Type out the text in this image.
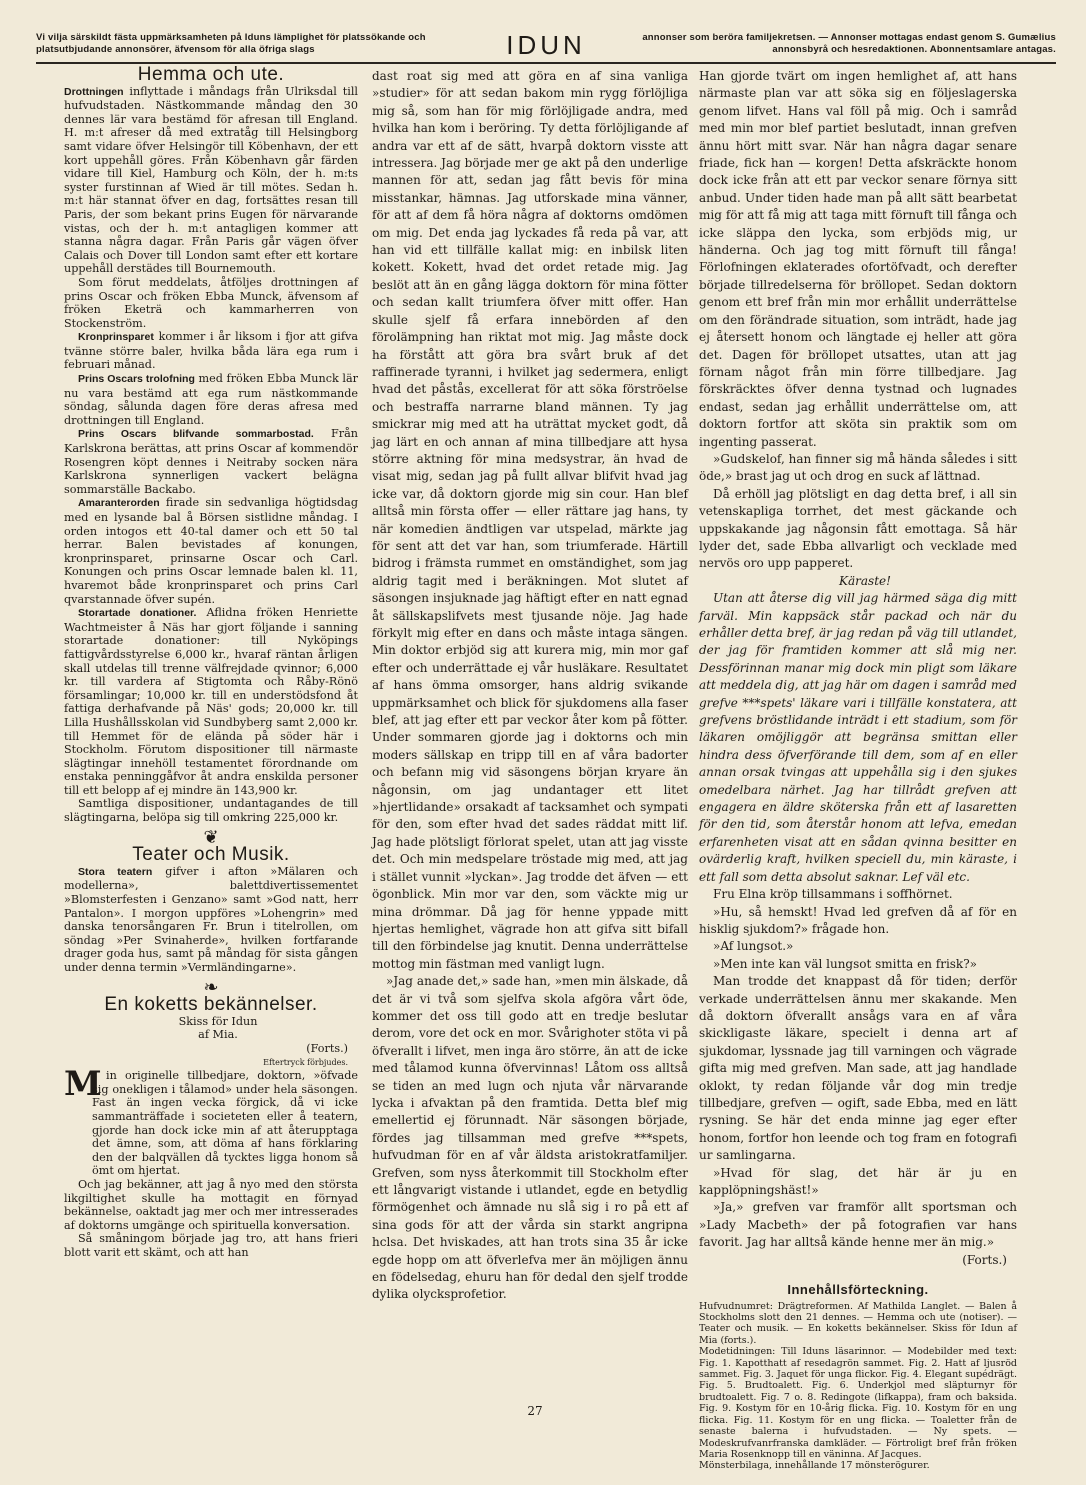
Vi vilja särskildt fästa uppmärksamheten på Iduns lämplighet för platssökande och platsutbjudande annonsörer, äfvensom för alla öfriga slags	IDUN	annonser som beröra familjekretsen. — Annonser mottagas endast genom S. Gumælius annonsbyrå och hesredaktionen. Abonnentsamlare antagas.
Hemma och ute.

Drottningen inflyttade i måndags från Ulriksdal till hufvudstaden. Nästkommande måndag den 30 dennes lär vara bestämd för afresan till England. H. m:t afreser då med extratåg till Helsingborg samt vidare öfver Helsingör till Köbenhavn, der ett kort uppehåll göres. Från Köbenhavn går färden vidare till Kiel, Hamburg och Köln, der h. m:ts syster furstinnan af Wied är till mötes. Sedan h. m:t här stannat öfver en dag, fortsättes resan till Paris, der som bekant prins Eugen för närvarande vistas, och der h. m:t antagligen kommer att stanna några dagar. Från Paris går vägen öfver Calais och Dover till London samt efter ett kortare uppehåll derstädes till Bournemouth.

Som förut meddelats, åtföljes drottningen af prins Oscar och fröken Ebba Munck, äfvensom af fröken Eketrä och kammarherren von Stockenström.

Kronprinsparet kommer i år liksom i fjor att gifva tvänne större baler, hvilka båda lära ega rum i februari månad.

Prins Oscars trolofning med fröken Ebba Munck lär nu vara bestämd att ega rum nästkommande söndag, sålunda dagen före deras afresa med drottningen till England.

Prins Oscars blifvande sommarbostad. Från Karlskrona berättas, att prins Oscar af kommendör Rosengren köpt dennes i Neitraby socken nära Karlskrona synnerligen vackert belägna sommarställe Backabo.

Amaranterorden firade sin sedvanliga högtidsdag med en lysande bal å Börsen sistlidne måndag. I orden intogos ett 40-tal damer och ett 50 tal herrar. Balen bevistades af konungen, kronprinsparet, prinsarne Oscar och Carl. Konungen och prins Oscar lemnade balen kl. 11, hvaremot både kronprinsparet och prins Carl qvarstannade öfver supén.

Storartade donationer. Aflidna fröken Henriette Wachtmeister å Näs har gjort följande i sanning storartade donationer: till Nyköpings fattigvårdsstyrelse 6,000 kr., hvaraf räntan årligen skall utdelas till trenne välfrejdade qvinnor; 6,000 kr. till vardera af Stigtomta och Råby-Rönö församlingar; 10,000 kr. till en understödsfond åt fattiga derhafvande på Näs' gods; 20,000 kr. till Lilla Hushållsskolan vid Sundbyberg samt 2,000 kr. till Hemmet för de elända på söder här i Stockholm. Förutom dispositioner till närmaste slägtingar innehöll testamentet förordnande om enstaka penninggåfvor åt andra enskilda personer till ett belopp af ej mindre än 143,900 kr.

Samtliga dispositioner, undantagandes de till slägtingarna, belöpa sig till omkring 225,000 kr.

❦
Teater och Musik.

Stora teatern gifver i afton »Mälaren och modellerna», balettdivertissementet »Blomsterfesten i Genzano» samt »God natt, herr Pantalon». I morgon uppföres »Lohengrin» med danska tenorsångaren Fr. Brun i titelrollen, om söndag »Per Svinaherde», hvilken fortfarande drager goda hus, samt på måndag för sista gången under denna termin »Vermländingarne».

❧
En koketts bekännelser.

Skiss för Idun

af Mia.

(Forts.)

Eftertryck förbjudes.

M in originelle tillbedjare, doktorn, »öfvade sig onekligen i tålamod» under hela säsongen. Fast än ingen vecka förgick, då vi icke sammanträffade i societeten eller å teatern, gjorde han dock icke min af att återupptaga det ämne, som, att döma af hans förklaring den der balqvällen då tycktes ligga honom så ömt om hjertat.

Och jag bekänner, att jag å nyo med den största likgiltighet skulle ha mottagit en förnyad bekännelse, oaktadt jag mer och mer intresserades af doktorns umgänge och spirituella konversation.

Så småningom började jag tro, att hans frieri blott varit ett skämt, och att han

dast roat sig med att göra en af sina vanliga »studier» för att sedan bakom min rygg förlöjliga mig så, som han för mig förlöjligade andra, med hvilka han kom i beröring. Ty detta förlöjligande af andra var ett af de sätt, hvarpå doktorn visste att intressera. Jag började mer ge akt på den underlige mannen för att, sedan jag fått bevis för mina misstankar, hämnas. Jag utforskade mina vänner, för att af dem få höra några af doktorns omdömen om mig. Det enda jag lyckades få reda på var, att han vid ett tillfälle kallat mig: en inbilsk liten kokett. Kokett, hvad det ordet retade mig. Jag beslöt att än en gång lägga doktorn för mina fötter och sedan kallt triumfera öfver mitt offer. Han skulle sjelf få erfara innebörden af den förolämpning han riktat mot mig. Jag måste dock ha förstått att göra bra svårt bruk af det raffinerade tyranni, i hvilket jag sedermera, enligt hvad det påstås, excellerat för att söka förströelse och bestraffa narrarne bland männen. Ty jag smickrar mig med att ha uträttat mycket godt, då jag lärt en och annan af mina tillbedjare att hysa större aktning för mina medsystrar, än hvad de visat mig, sedan jag på fullt allvar blifvit hvad jag icke var, då doktorn gjorde mig sin cour. Han blef alltså min första offer — eller rättare jag hans, ty när komedien ändtligen var utspelad, märkte jag för sent att det var han, som triumferade. Härtill bidrog i främsta rummet en omständighet, som jag aldrig tagit med i beräkningen. Mot slutet af säsongen insjuknade jag häftigt efter en natt egnad åt sällskapslifvets mest tjusande nöje. Jag hade förkylt mig efter en dans och måste intaga sängen. Min doktor erbjöd sig att kurera mig, min mor gaf efter och underrättade ej vår husläkare. Resultatet af hans ömma omsorger, hans aldrig svikande uppmärksamhet och blick för sjukdomens alla faser blef, att jag efter ett par veckor åter kom på fötter. Under sommaren gjorde jag i doktorns och min moders sällskap en tripp till en af våra badorter och befann mig vid säsongens början kryare än någonsin, om jag undantager ett litet »hjertlidande» orsakadt af tacksamhet och sympati för den, som efter hvad det sades räddat mitt lif. Jag hade plötsligt förlorat spelet, utan att jag visste det. Och min medspelare tröstade mig med, att jag i stället vunnit »lyckan». Jag trodde det äfven — ett ögonblick. Min mor var den, som väckte mig ur mina drömmar. Då jag för henne yppade mitt hjertas hemlighet, vägrade hon att gifva sitt bifall till den förbindelse jag knutit. Denna underrättelse mottog min fästman med vanligt lugn.

»Jag anade det,» sade han, »men min älskade, då det är vi två som sjelfva skola afgöra vårt öde, kommer det oss till godo att en tredje beslutar derom, vore det ock en mor. Svårighoter stöta vi på öfverallt i lifvet, men inga äro större, än att de icke med tålamod kunna öfvervinnas! Låtom oss alltså se tiden an med lugn och njuta vår närvarande lycka i afvaktan på den framtida. Detta blef mig emellertid ej förunnadt. När säsongen började, fördes jag tillsamman med grefve ***spets, hufvudman för en af vår äldsta aristokratfamiljer. Grefven, som nyss återkommit till Stockholm efter ett långvarigt vistande i utlandet, egde en betydlig förmögenhet och ämnade nu slå sig i ro på ett af sina gods för att der vårda sin starkt angripna hclsa. Det hviskades, att han trots sina 35 år icke egde hopp om att öfverlefva mer än möjligen ännu en födelsedag, ehuru han för dedal den sjelf trodde dylika olycksprofetior.

Han gjorde tvärt om ingen hemlighet af, att hans närmaste plan var att söka sig en följeslagerska genom lifvet. Hans val föll på mig. Och i samråd med min mor blef partiet beslutadt, innan grefven ännu hört mitt svar. När han några dagar senare friade, fick han — korgen! Detta afskräckte honom dock icke från att ett par veckor senare förnya sitt anbud. Under tiden hade man på allt sätt bearbetat mig för att få mig att taga mitt förnuft till fånga och icke släppa den lycka, som erbjöds mig, ur händerna. Och jag tog mitt förnuft till fånga! Förlofningen eklaterades ofortöfvadt, och derefter började tillredelserna för bröllopet. Sedan doktorn genom ett bref från min mor erhållit underrättelse om den förändrade situation, som inträdt, hade jag ej återsett honom och längtade ej heller att göra det. Dagen för bröllopet utsattes, utan att jag förnam något från min förre tillbedjare. Jag förskräcktes öfver denna tystnad och lugnades endast, sedan jag erhållit underrättelse om, att doktorn fortfor att sköta sin praktik som om ingenting passerat.

»Gudskelof, han finner sig må hända således i sitt öde,» brast jag ut och drog en suck af lättnad.

Då erhöll jag plötsligt en dag detta bref, i all sin vetenskapliga torrhet, det mest gäckande och uppskakande jag någonsin fått emottaga. Så här lyder det, sade Ebba allvarligt och vecklade med nervös oro upp papperet.

Käraste!

Utan att återse dig vill jag härmed säga dig mitt farväl. Min kappsäck står packad och när du erhåller detta bref, är jag redan på väg till utlandet, der jag för framtiden kommer att slå mig ner. Dessförinnan manar mig dock min pligt som läkare att meddela dig, att jag här om dagen i samråd med grefve ***spets' läkare vari i tillfälle konstatera, att grefvens bröstlidande inträdt i ett stadium, som för läkaren omöjliggör att begränsa smittan eller hindra dess öfverförande till dem, som af en eller annan orsak tvingas att uppehålla sig i den sjukes omedelbara närhet. Jag har tillrådt grefven att engagera en äldre sköterska från ett af lasaretten för den tid, som återstår honom att lefva, emedan erfarenheten visat att en sådan qvinna besitter en ovärderlig kraft, hvilken speciell du, min käraste, i ett fall som detta absolut saknar. Lef väl etc.

Fru Elna kröp tillsammans i soffhörnet.

»Hu, så hemskt! Hvad led grefven då af för en hisklig sjukdom?» frågade hon.

»Af lungsot.»

»Men inte kan väl lungsot smitta en frisk?»

Man trodde det knappast då för tiden; derför verkade underrättelsen ännu mer skakande. Men då doktorn öfverallt ansågs vara en af våra skickligaste läkare, specielt i denna art af sjukdomar, lyssnade jag till varningen och vägrade gifta mig med grefven. Man sade, att jag handlade oklokt, ty redan följande vår dog min tredje tillbedjare, grefven — ogift, sade Ebba, med en lätt rysning. Se här det enda minne jag eger efter honom, fortfor hon leende och tog fram en fotografi ur samlingarna.

»Hvad för slag, det här är ju en kapplöpningshäst!»

»Ja,» grefven var framför allt sportsman och »Lady Macbeth» der på fotografien var hans favorit. Jag har alltså kände henne mer än mig.»

(Forts.)

Innehållsförteckning.

Hufvudnumret: Drägtreformen. Af Mathilda Langlet. — Balen å Stockholms slott den 21 dennes. — Hemma och ute (notiser). — Teater och musik. — En koketts bekännelser. Skiss för Idun af Mia (forts.).

Modetidningen: Till Iduns läsarinnor. — Modebilder med text: Fig. 1. Kapotthatt af resedagrön sammet. Fig. 2. Hatt af ljusröd sammet. Fig. 3. Jaquet för unga flickor. Fig. 4. Elegant supédrägt. Fig. 5. Brudtoalett. Fig. 6. Underkjol med släpturnyr för brudtoalett. Fig. 7 o. 8. Redingote (lifkappa), fram och baksida. Fig. 9. Kostym för en 10-årig flicka. Fig. 10. Kostym för en ung flicka. Fig. 11. Kostym för en ung flicka. — Toaletter från de senaste balerna i hufvudstaden. — Ny spets. — Modeskrufvanrfranska damkläder. — Förtroligt bref från fröken Maria Rosenknopp till en väninna. Af Jacques.

Mönsterbilaga, innehållande 17 mönsterögurer.

27
